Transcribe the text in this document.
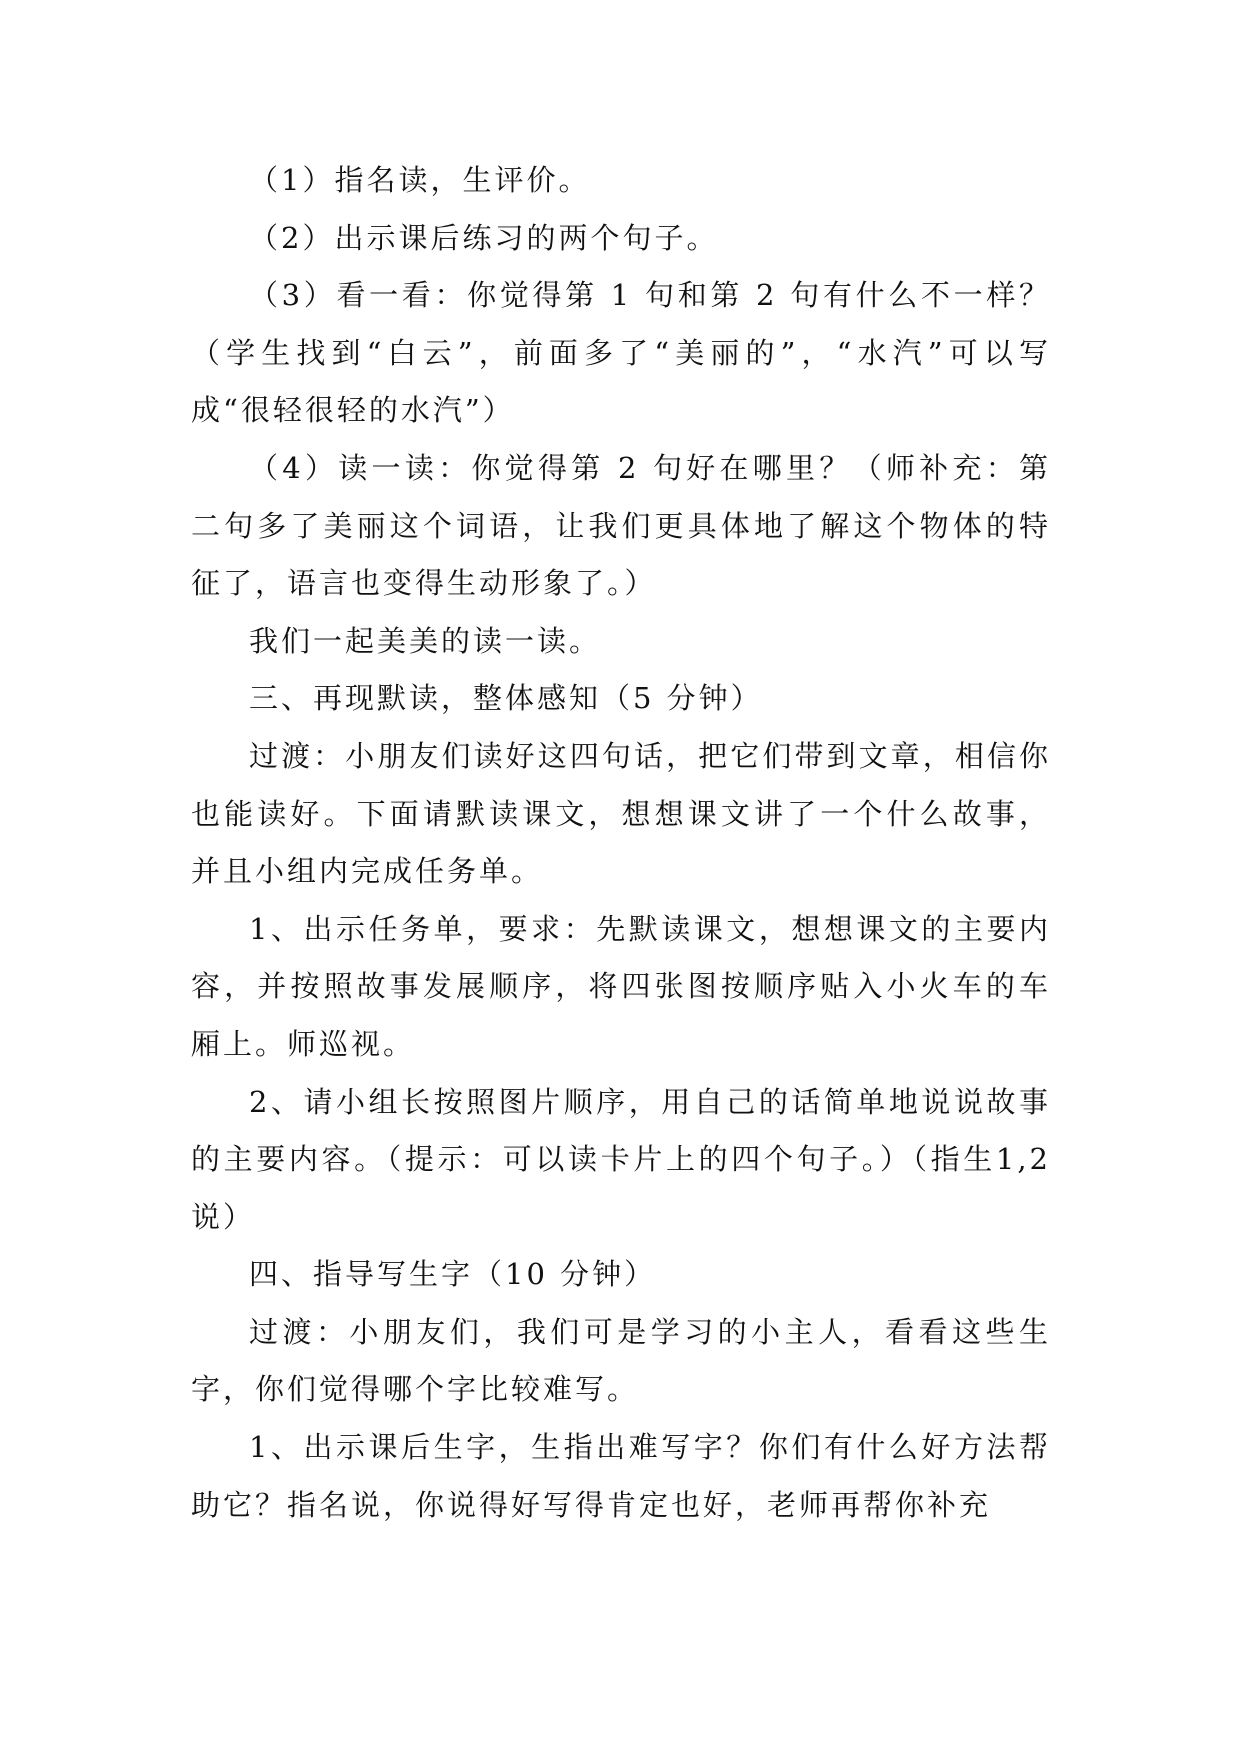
（1）指名读，生评价。

（2）出示课后练习的两个句子。

（3）看一看：你觉得第 1 句和第 2 句有什么不一样？（学生找到“白云”，前面多了“美丽的”，“水汽”可以写成“很轻很轻的水汽”）

（4）读一读：你觉得第 2 句好在哪里？（师补充：第二句多了美丽这个词语，让我们更具体地了解这个物体的特征了，语言也变得生动形象了。）

我们一起美美的读一读。

三、再现默读，整体感知（5 分钟）

过渡：小朋友们读好这四句话，把它们带到文章，相信你也能读好。下面请默读课文，想想课文讲了一个什么故事，并且小组内完成任务单。

1、出示任务单，要求：先默读课文，想想课文的主要内容，并按照故事发展顺序，将四张图按顺序贴入小火车的车厢上。师巡视。

2、请小组长按照图片顺序，用自己的话简单地说说故事的主要内容。（提示：可以读卡片上的四个句子。）（指生1,2 说）

四、指导写生字（10 分钟）

过渡：小朋友们，我们可是学习的小主人，看看这些生字，你们觉得哪个字比较难写。

1、出示课后生字，生指出难写字？你们有什么好方法帮助它？指名说，你说得好写得肯定也好，老师再帮你补充
